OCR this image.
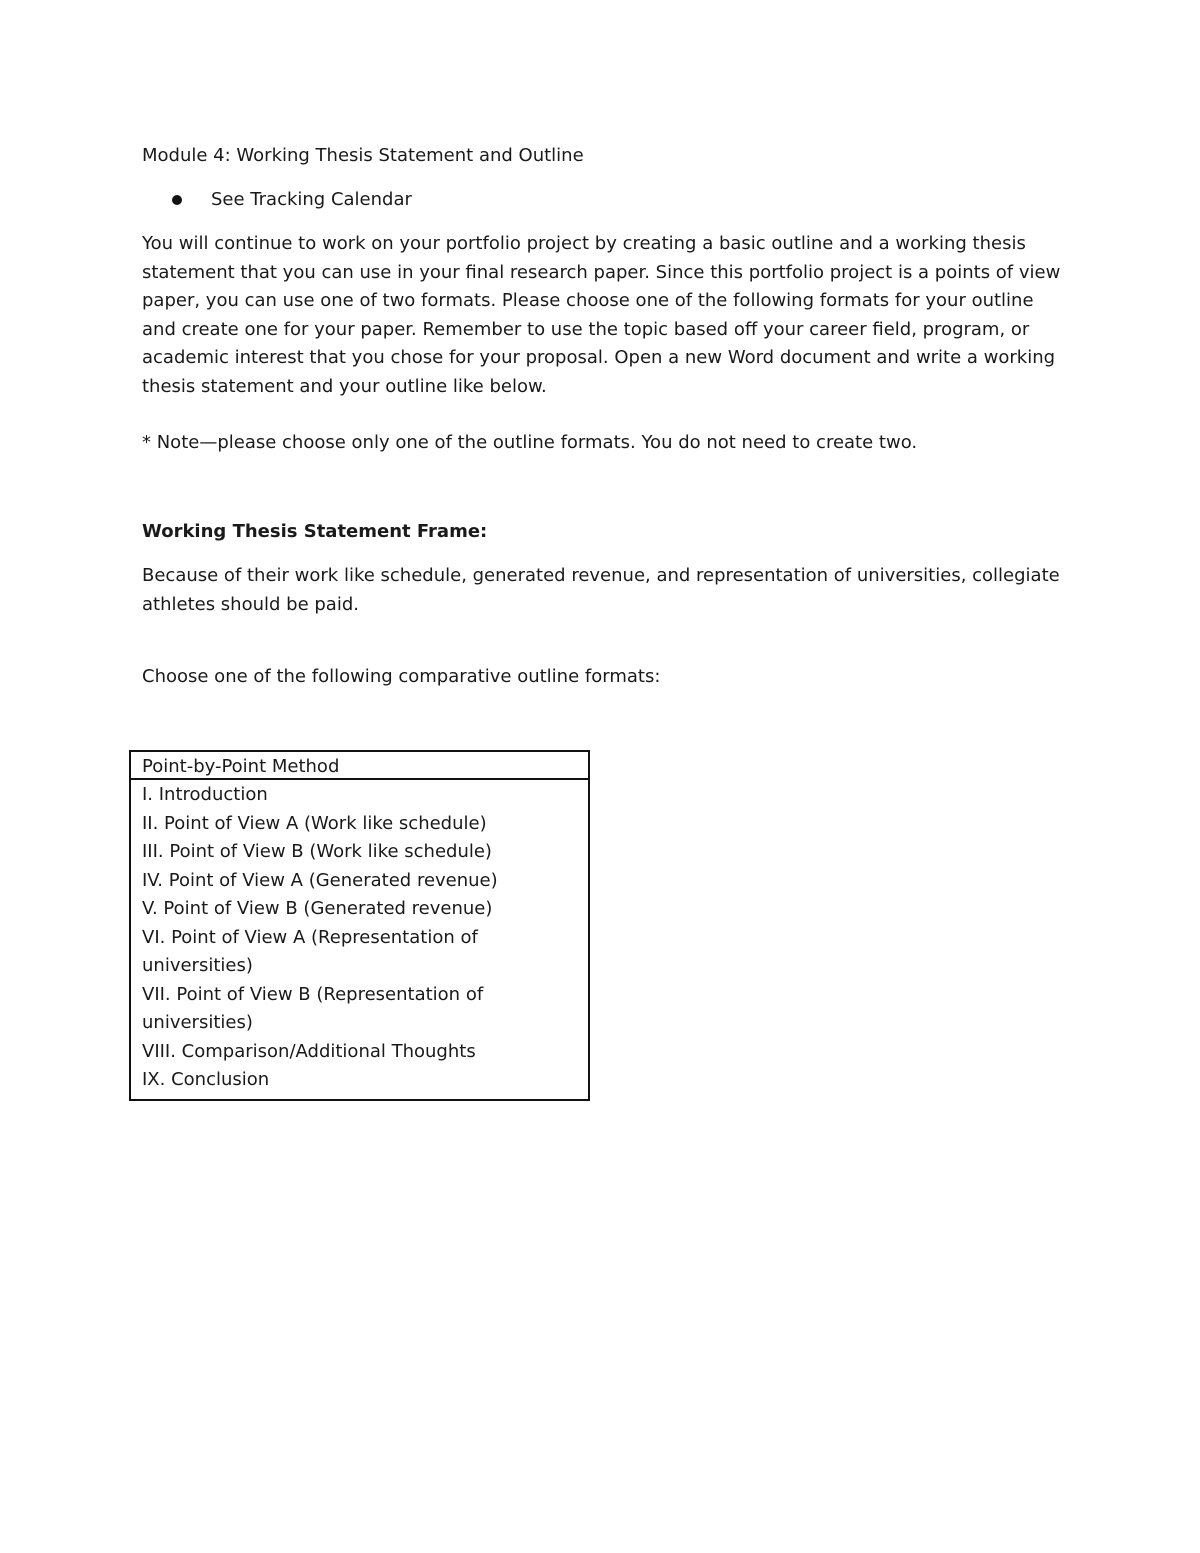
Module 4: Working Thesis Statement and Outline
See Tracking Calendar

You will continue to work on your portfolio project by creating a basic outline and a working thesis statement that you can use in your final research paper. Since this portfolio project is a points of view paper, you can use one of two formats. Please choose one of the following formats for your outline and create one for your paper. Remember to use the topic based off your career field, program, or academic interest that you chose for your proposal. Open a new Word document and write a working thesis statement and your outline like below.

* Note—please choose only one of the outline formats. You do not need to create two.

Working Thesis Statement Frame:

Because of their work like schedule, generated revenue, and representation of universities, collegiate athletes should be paid.

Choose one of the following comparative outline formats:

Point-by-Point Method
I. Introduction
II. Point of View A (Work like schedule)
III. Point of View B (Work like schedule)
IV. Point of View A (Generated revenue)
V. Point of View B (Generated revenue)
VI. Point of View A (Representation of
universities)
VII. Point of View B (Representation of
universities)
VIII. Comparison/Additional Thoughts
IX. Conclusion
